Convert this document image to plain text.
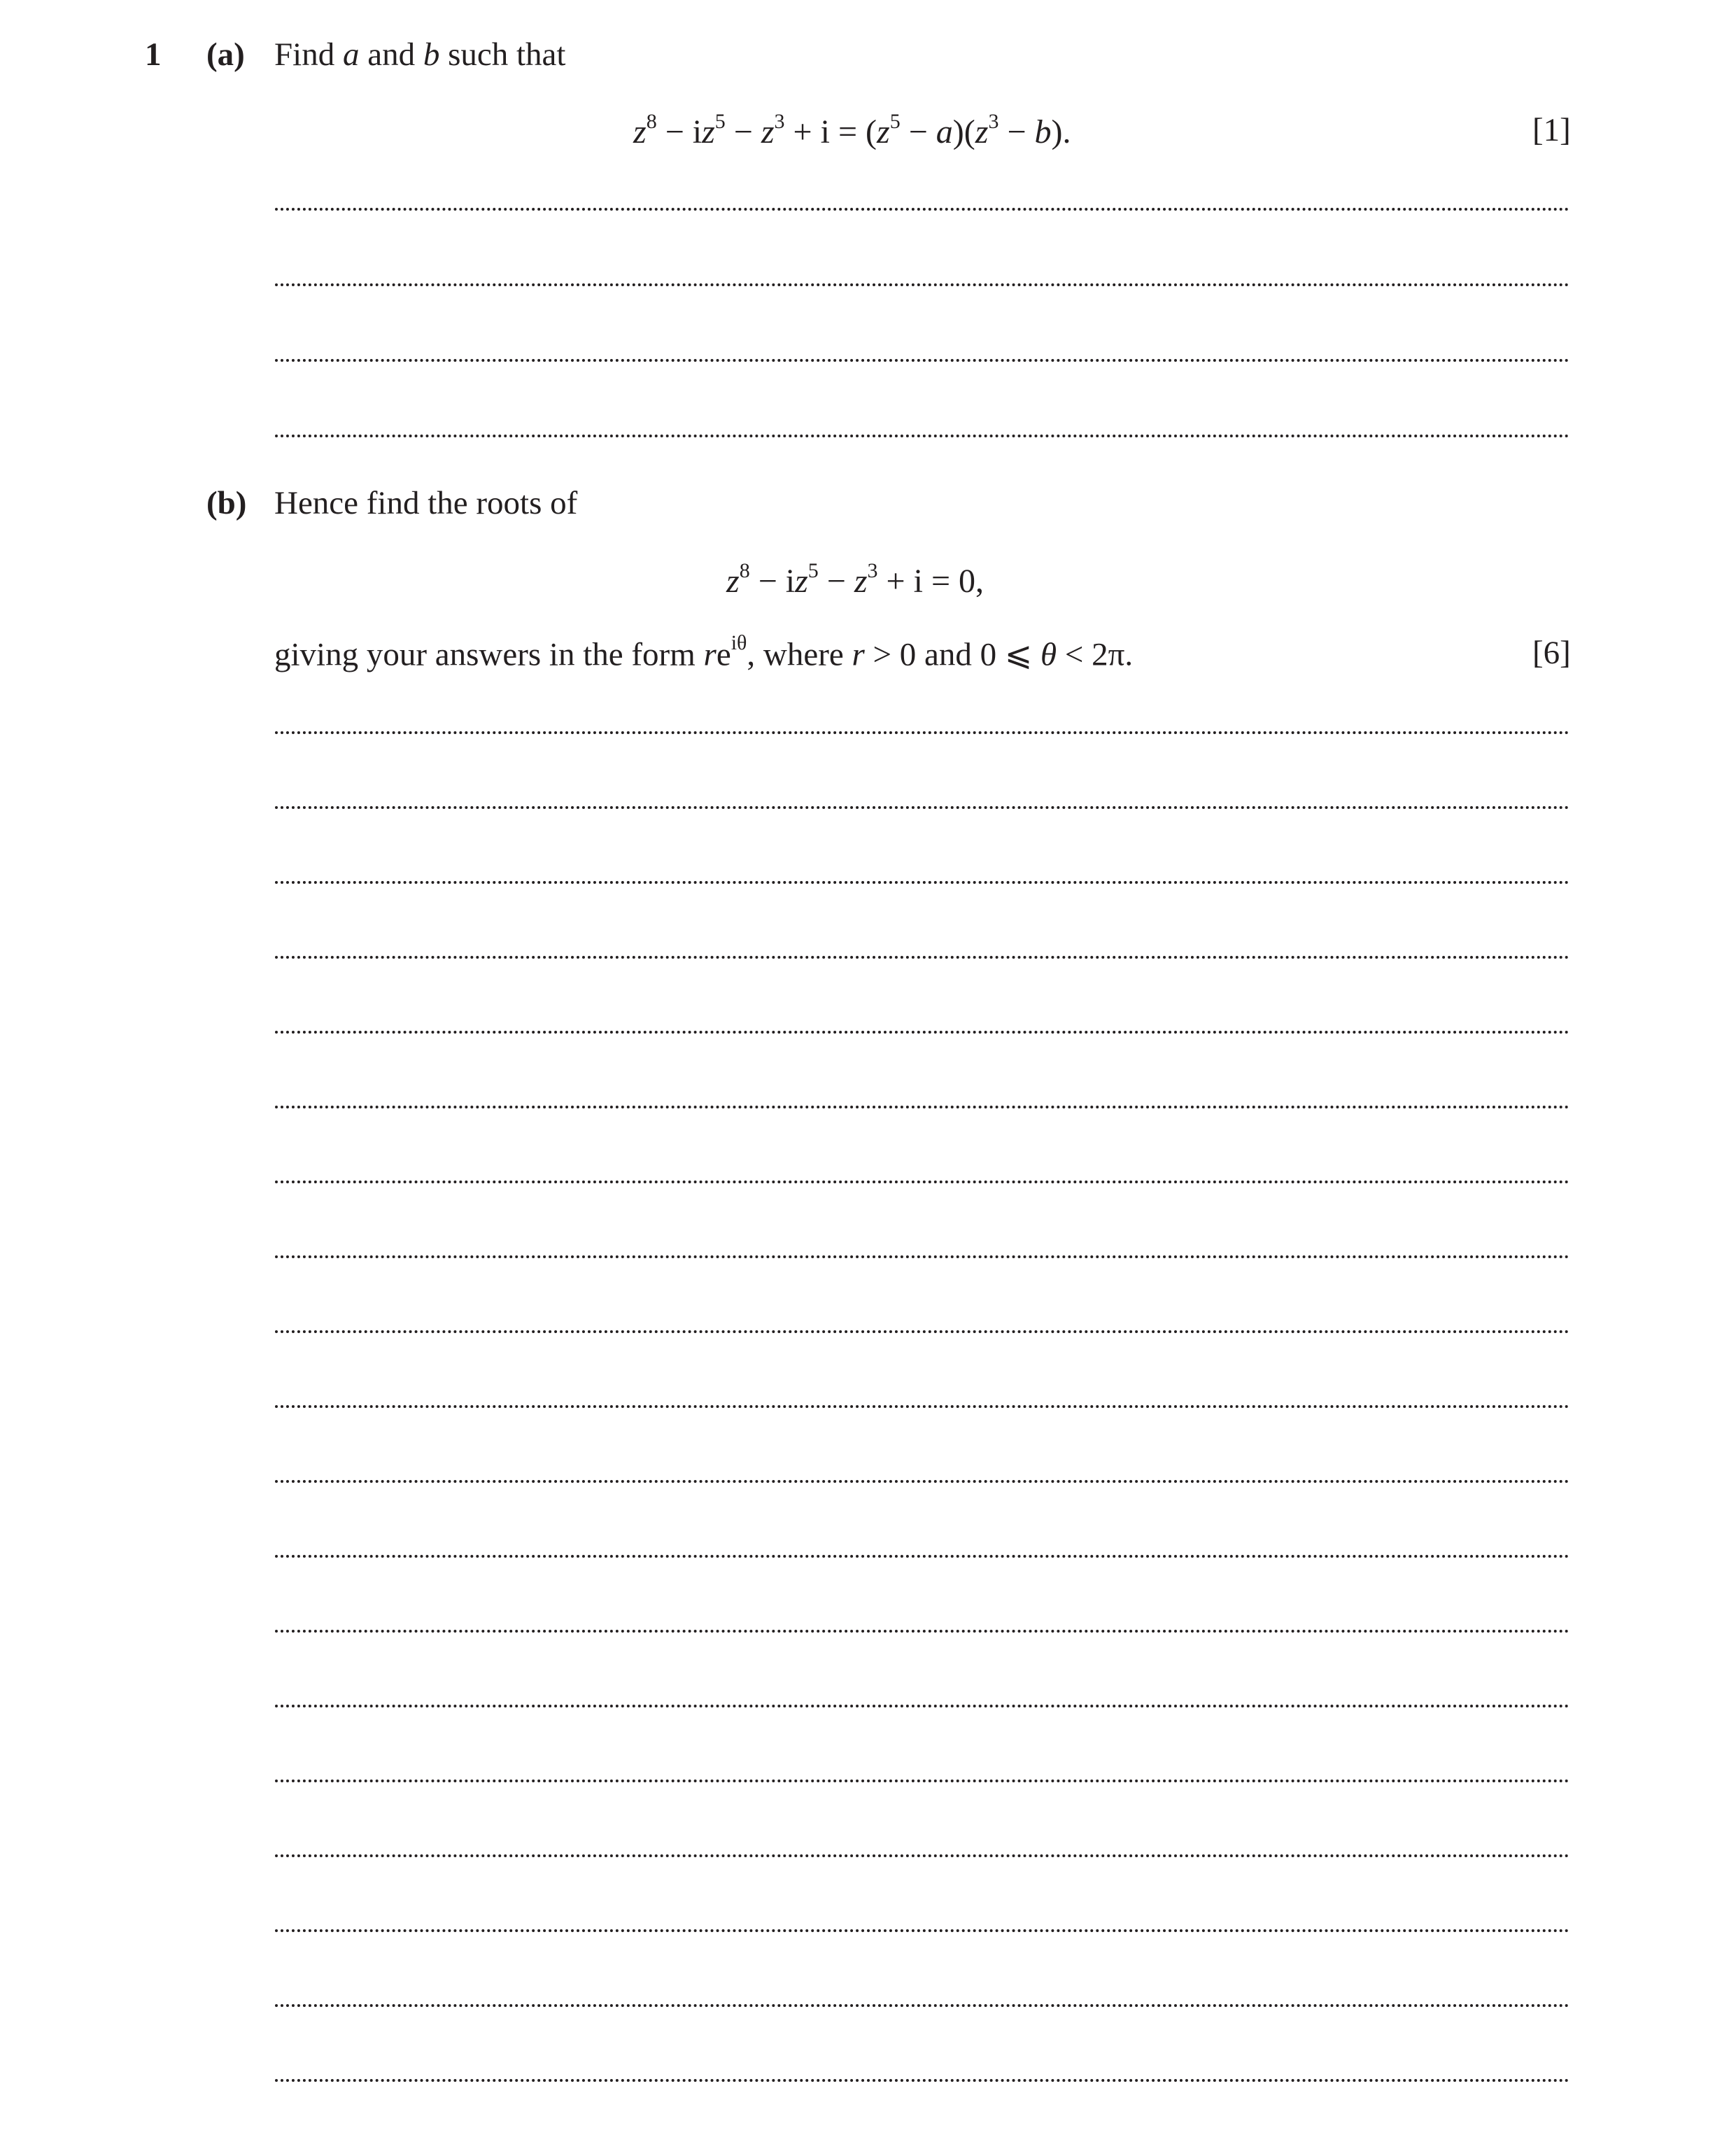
1 (a) Find a and b such that
$z^8 - iz^5 - z^3 + i = (z^5 - a)(z^3 - b)$.	[1]
(b) Hence find the roots of
$z^8 - iz^5 - z^3 + i = 0$,
giving your answers in the form $re^{i\theta}$, where r > 0 and 0 ⩽ θ < 2π.	[6]
